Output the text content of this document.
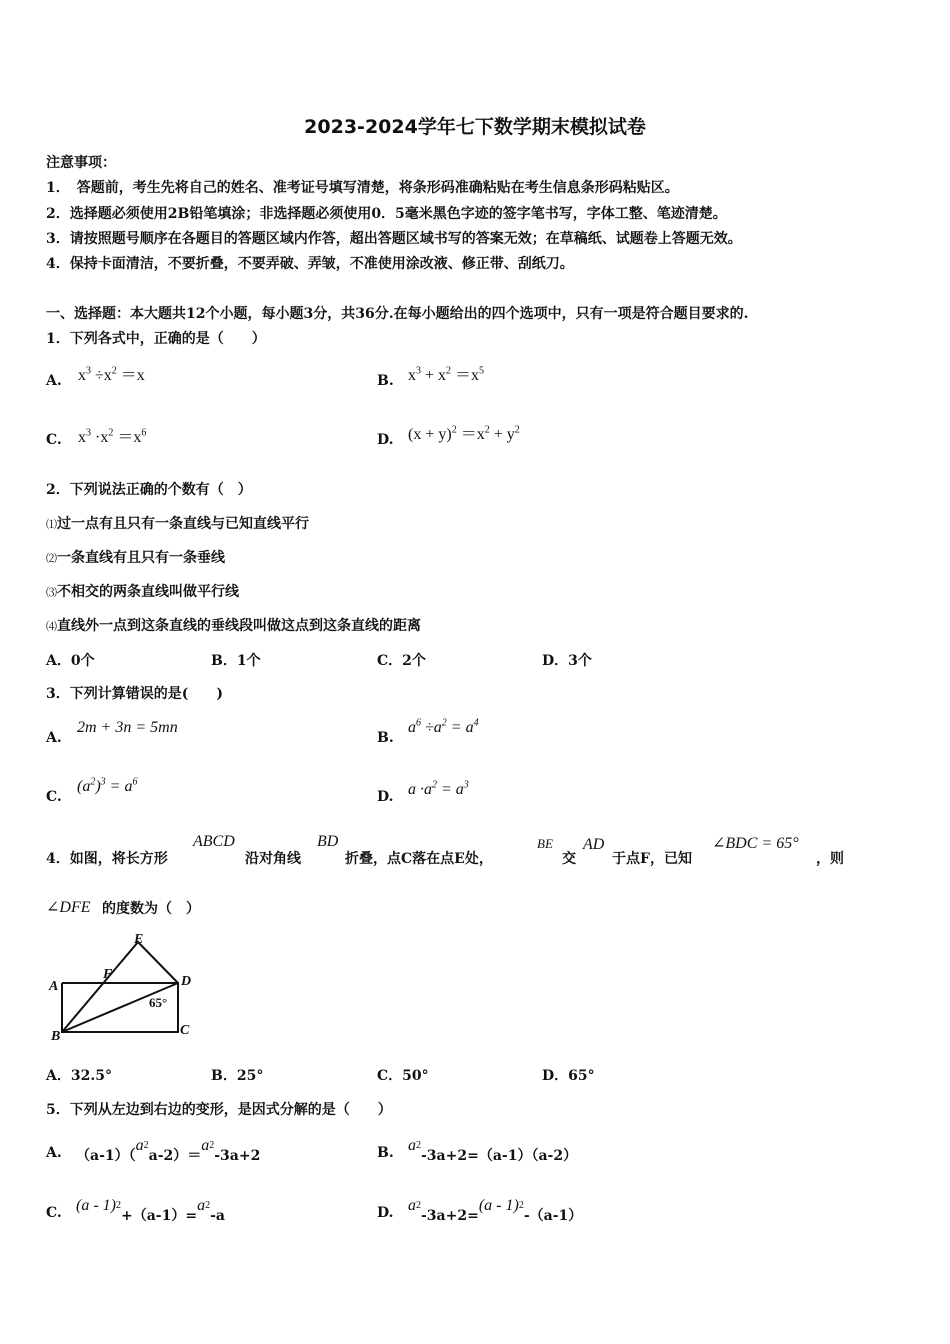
2023-2024学年七下数学期末模拟试卷
注意事项：
1．　答题前，考生先将自己的姓名、准考证号填写清楚，将条形码准确粘贴在考生信息条形码粘贴区。
2．选择题必须使用2B铅笔填涂；非选择题必须使用0．5毫米黑色字迹的签字笔书写，字体工整、笔迹清楚。
3．请按照题号顺序在各题目的答题区域内作答，超出答题区域书写的答案无效；在草稿纸、试题卷上答题无效。
4．保持卡面清洁，不要折叠，不要弄破、弄皱，不准使用涂改液、修正带、刮纸刀。
一、选择题：本大题共12个小题，每小题3分，共36分.在每小题给出的四个选项中，只有一项是符合题目要求的.
1．下列各式中，正确的是（　　）
A. $x^3 \div x^2 =x$	B. $x^3 + x^2 =x^5$
C. $x^3 \cdot x^2 =x^6$	D. $(x + y)^2 =x^2 + y^2$
2．下列说法正确的个数有（　）
⑴过一点有且只有一条直线与已知直线平行
⑵一条直线有且只有一条垂线
⑶不相交的两条直线叫做平行线
⑷直线外一点到这条直线的垂线段叫做这点到这条直线的距离
A．0个	B．1个	C．2个	D．3个
3．下列计算错误的是(　　)
A.
2m + 3n = 5mn
B.
$a^6 \div a^2 = a^4$
C.
$(a^2)^3 = a^6$
D. $a \cdot a^2 = a^3$
4．如图，将长方形
ABCD
沿对角线
BD
折叠，点C落在点E处，
BE
交
AD
于点F，已知
∠BDC = 65°
，则
∠DFE 的度数为（　）
A
B	C
D
E
F
65°
A．32.5°	B．25°	C．50°	D．65°
5．下列从左边到右边的变形，是因式分解的是（　　）
A. $(a-1)(a^2a-2)=a^2-3a+2$	B. $a^2-3a+2=(a-1)(a-2)$
C. $(a - 1)^2+(a-1)=a^2-a$	D. $a^2-3a+2=(a - 1)^2-(a-1)$
